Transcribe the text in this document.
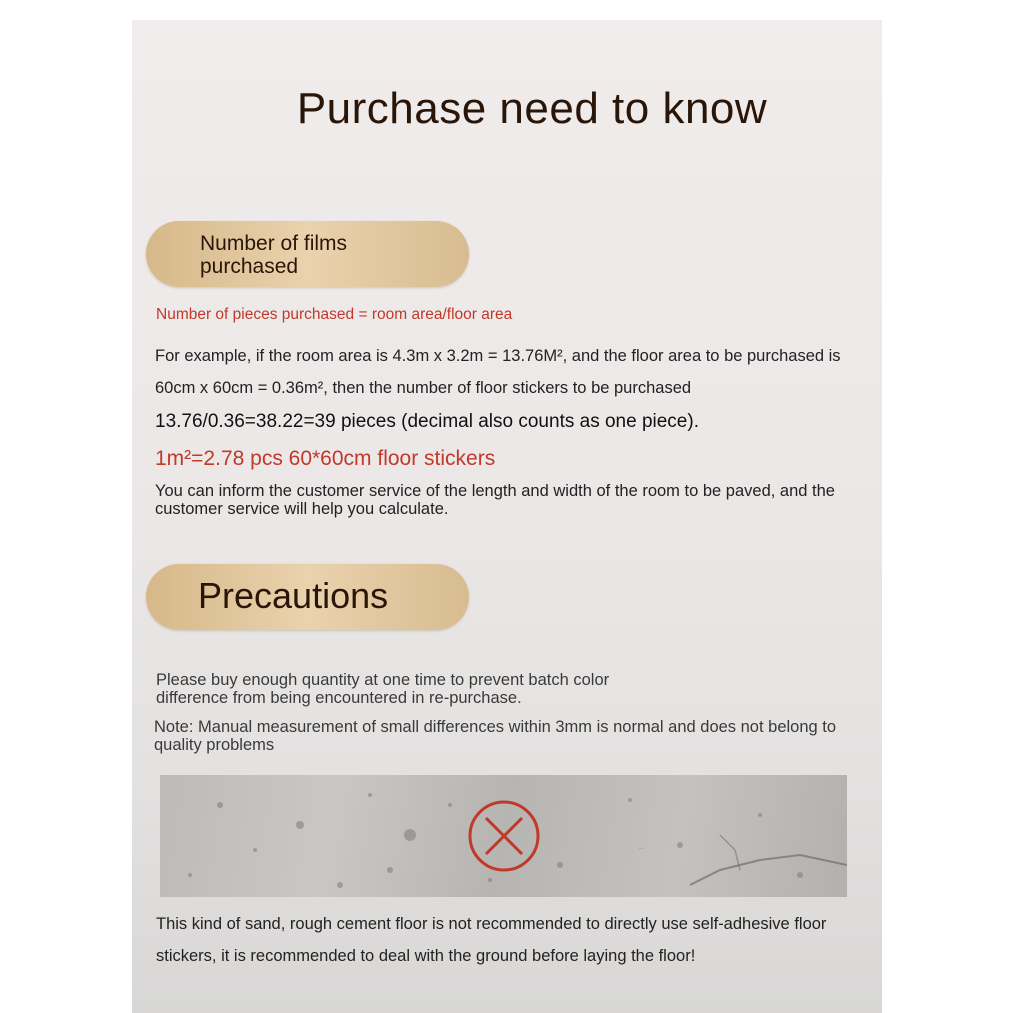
Purchase need to know
Number of films purchased
Number of pieces purchased = room area/floor area
For example, if the room area is 4.3m x 3.2m = 13.76M², and the floor area to be purchased is 60cm x 60cm = 0.36m², then the number of floor stickers to be purchased
13.76/0.36=38.22=39 pieces (decimal also counts as one piece).
1m²=2.78 pcs 60*60cm floor stickers
You can inform the customer service of the length and width of the room to be paved, and the customer service will help you calculate.
Precautions
Please buy enough quantity at one time to prevent batch color difference from being encountered in re-purchase.
Note: Manual measurement of small differences within 3mm is normal and does not belong to quality problems
This kind of sand, rough cement floor is not recommended to directly use self-adhesive floor stickers, it is recommended to deal with the ground before laying the floor!
